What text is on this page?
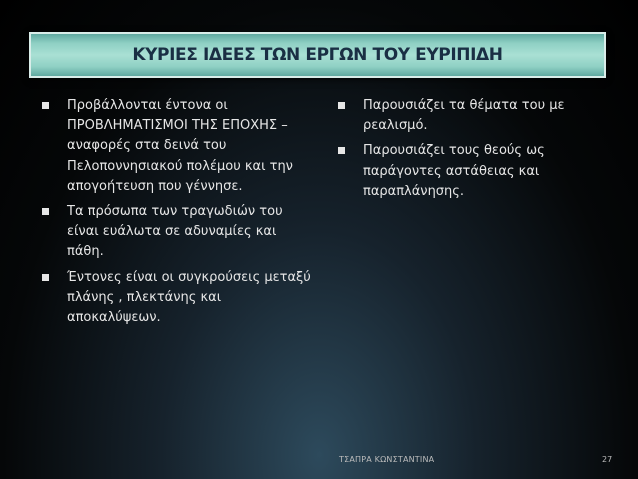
ΚΥΡΙΕΣ ΙΔΕΕΣ ΤΩΝ ΕΡΓΩΝ ΤΟΥ ΕΥΡΙΠΙΔΗ
Προβάλλονται έντονα οι ΠΡΟΒΛΗΜΑΤΙΣΜΟΙ ΤΗΣ ΕΠΟΧΗΣ –αναφορές στα δεινά του Πελοποννησιακού πολέμου και την απογοήτευση που γέννησε.
Τα πρόσωπα των τραγωδιών του είναι ευάλωτα σε αδυναμίες και πάθη.
Έντονες είναι οι συγκρούσεις μεταξύ πλάνης , πλεκτάνης και αποκαλύψεων.
Παρουσιάζει τα θέματα του με ρεαλισμό.
Παρουσιάζει τους θεούς ως παράγοντες αστάθειας και παραπλάνησης.
ΤΣΑΠΡΑ ΚΩΝΣΤΑΝΤΙΝΑ	27
